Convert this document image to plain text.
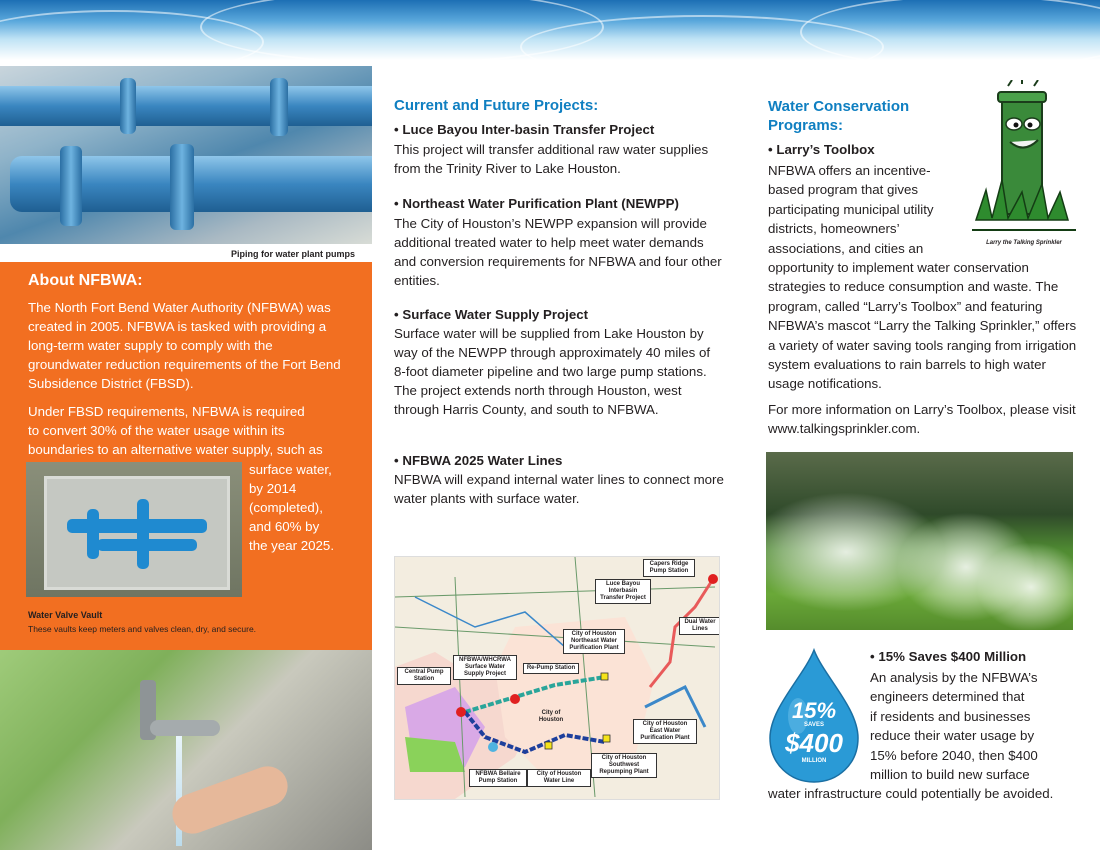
Piping for water plant pumps
About NFBWA:
The North Fort Bend Water Authority (NFBWA) was created in 2005. NFBWA is tasked with providing a long-term water supply to comply with the groundwater reduction requirements of the Fort Bend Subsidence District (FBSD).
Under FBSD requirements, NFBWA is required
to convert 30% of the water usage within its
boundaries to an alternative water supply, such as
surface water,
by 2014
(completed),
and 60% by
the year 2025.
Water Valve Vault
These vaults keep meters and valves clean, dry, and secure.
Current and Future Projects:
• Luce Bayou Inter-basin Transfer Project
This project will transfer additional raw water supplies from the Trinity River to Lake Houston.
• Northeast Water Purification Plant (NEWPP)
The City of Houston’s NEWPP expansion will provide additional treated water to help meet water demands and conversion requirements for NFBWA and four other entities.
• Surface Water Supply Project
Surface water will be supplied from Lake Houston by way of the NEWPP through approximately 40 miles of 8-foot diameter pipeline and two large pump stations. The project extends north through Houston, west through Harris County, and south to NFBWA.
• NFBWA 2025 Water Lines
NFBWA will expand internal water lines to connect more water plants with surface water.
Capers Ridge Pump Station
Luce Bayou Interbasin Transfer Project
Dual Water Lines
City of Houston Northeast Water Purification Plant
NFBWA/WHCRWA Surface Water Supply Project
Re-Pump Station
Central Pump Station
City of Houston
City of Houston East Water Purification Plant
City of Houston Southwest Repumping Plant
NFBWA Bellaire Pump Station
City of Houston Water Line
Water Conservation Programs:
• Larry’s Toolbox
NFBWA offers an incentive-
based program that gives
participating municipal utility
districts, homeowners’
associations, and cities an
opportunity to implement water conservation strategies to reduce consumption and waste. The program, called “Larry’s Toolbox” and featuring NFBWA’s mascot “Larry the Talking Sprinkler,” offers a variety of water saving tools ranging from irrigation system evaluations to rain barrels to high water usage notifications.
For more information on Larry’s Toolbox, please visit www.talkingsprinkler.com.
Larry the Talking Sprinkler
15%
SAVES
$400
MILLION
• 15% Saves $400 Million
An analysis by the NFBWA’s
engineers determined that
if residents and businesses
reduce their water usage by
15% before 2040, then $400
million to build new surface
water infrastructure could potentially be avoided.
